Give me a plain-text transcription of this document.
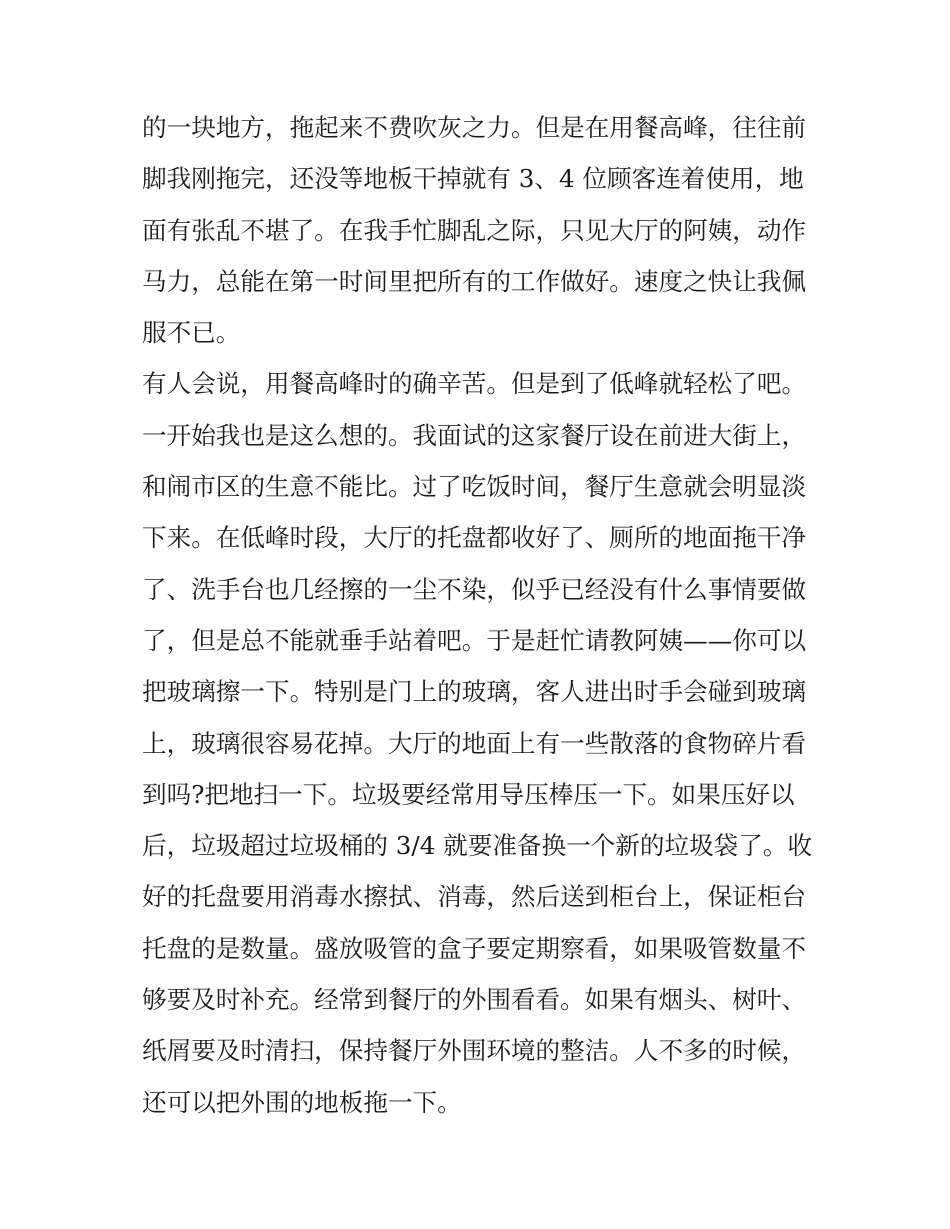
的一块地方，拖起来不费吹灰之力。但是在用餐高峰，往往前
脚我刚拖完，还没等地板干掉就有 3、4 位顾客连着使用，地
面有张乱不堪了。在我手忙脚乱之际，只见大厅的阿姨，动作
马力，总能在第一时间里把所有的工作做好。速度之快让我佩
服不已。
有人会说，用餐高峰时的确辛苦。但是到了低峰就轻松了吧。
一开始我也是这么想的。我面试的这家餐厅设在前进大街上，
和闹市区的生意不能比。过了吃饭时间，餐厅生意就会明显淡
下来。在低峰时段，大厅的托盘都收好了、厕所的地面拖干净
了、洗手台也几经擦的一尘不染，似乎已经没有什么事情要做
了，但是总不能就垂手站着吧。于是赶忙请教阿姨——你可以
把玻璃擦一下。特别是门上的玻璃，客人进出时手会碰到玻璃
上，玻璃很容易花掉。大厅的地面上有一些散落的食物碎片看
到吗?把地扫一下。垃圾要经常用导压棒压一下。如果压好以
后，垃圾超过垃圾桶的 3/4 就要准备换一个新的垃圾袋了。收
好的托盘要用消毒水擦拭、消毒，然后送到柜台上，保证柜台
托盘的是数量。盛放吸管的盒子要定期察看，如果吸管数量不
够要及时补充。经常到餐厅的外围看看。如果有烟头、树叶、
纸屑要及时清扫，保持餐厅外围环境的整洁。人不多的时候，
还可以把外围的地板拖一下。
